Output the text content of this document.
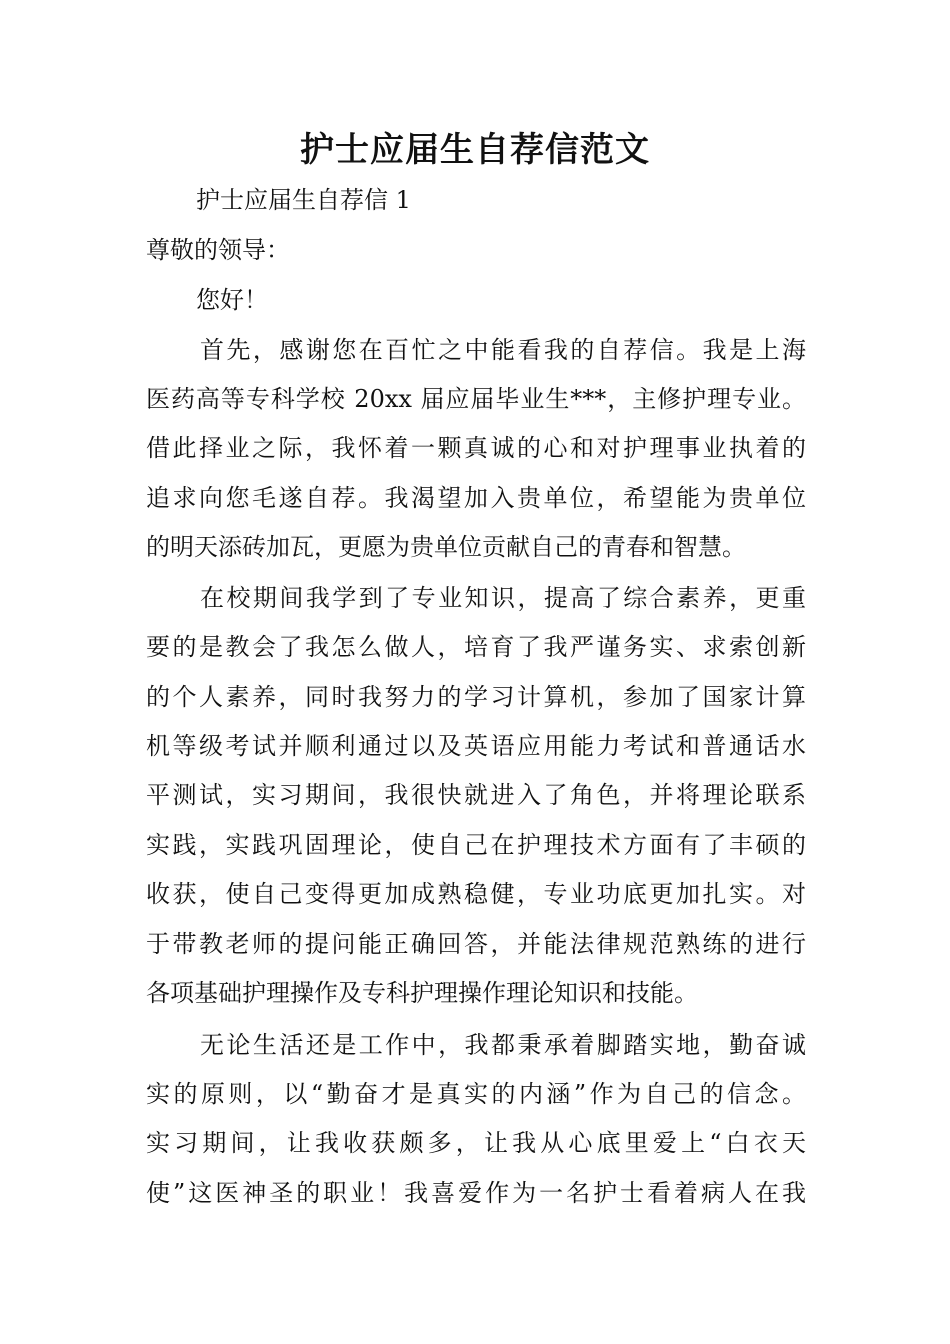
护士应届生自荐信范文
护士应届生自荐信 1
尊敬的领导：
您好！
首先，感谢您在百忙之中能看我的自荐信。我是上海
医药高等专科学校 20xx 届应届毕业生***，主修护理专业。
借此择业之际，我怀着一颗真诚的心和对护理事业执着的
追求向您毛遂自荐。我渴望加入贵单位，希望能为贵单位
的明天添砖加瓦，更愿为贵单位贡献自己的青春和智慧。
在校期间我学到了专业知识，提高了综合素养，更重
要的是教会了我怎么做人，培育了我严谨务实、求索创新
的个人素养，同时我努力的学习计算机，参加了国家计算
机等级考试并顺利通过以及英语应用能力考试和普通话水
平测试，实习期间，我很快就进入了角色，并将理论联系
实践，实践巩固理论，使自己在护理技术方面有了丰硕的
收获，使自己变得更加成熟稳健，专业功底更加扎实。对
于带教老师的提问能正确回答，并能法律规范熟练的进行
各项基础护理操作及专科护理操作理论知识和技能。
无论生活还是工作中，我都秉承着脚踏实地，勤奋诚
实的原则，以“勤奋才是真实的内涵”作为自己的信念。
实习期间，让我收获颇多，让我从心底里爱上“白衣天
使”这医神圣的职业！我喜爱作为一名护士看着病人在我
